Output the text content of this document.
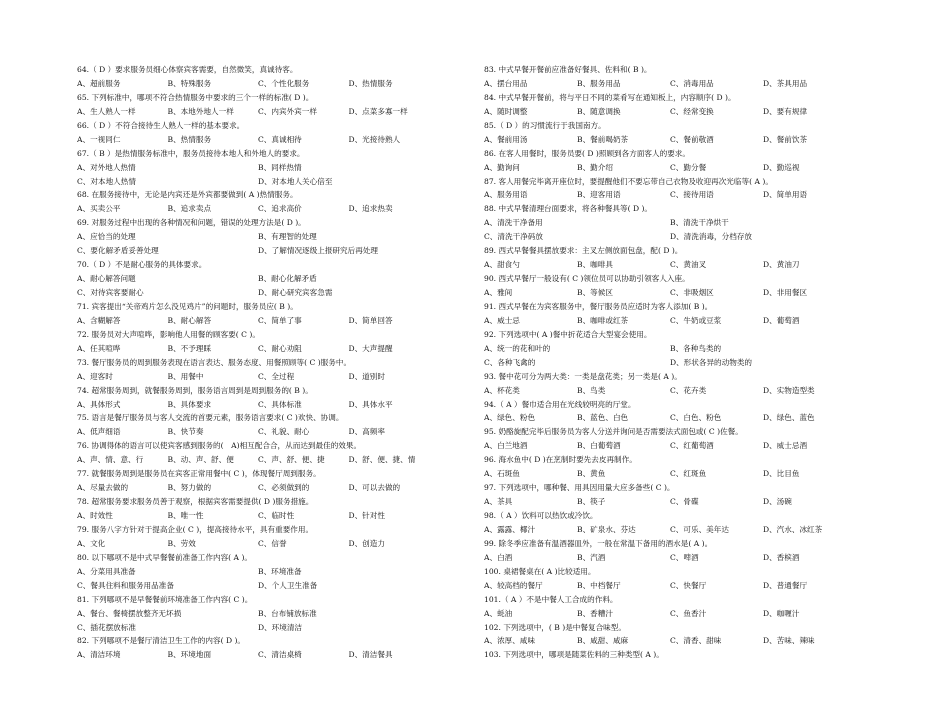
64.（ D ）要求服务员细心体察宾客需要，自然微笑，真诚待客。
A、超前服务	B、特殊服务	C、个性化服务	D、热情服务
65. 下列标准中，哪项不符合热情服务中要求的三个一样的标准( D )。
A、生人熟人一样	B、本地外地人一样	C、内宾外宾一样	D、点菜多寡一样
66.（ D ）不符合接待生人熟人一样的基本要求。
A、一视同仁	B、热情服务	C、真诚相待	D、光接待熟人
67.（ B ）是热情服务标准中，服务员接待本地人和外地人的要求。
A、对外地人热情	B、同样热情
C、对本地人热情	D、对本地人关心倍至
68. 在服务接待中，无论是内宾还是外宾都要做到( A )热情服务。
A、买卖公平	B、追求卖点	C、追求高价	D、追求热卖
69. 对服务过程中出现的各种情况和问题，错误的处理方法是( D )。
A、应恰当的处理	B、有理智的处理
C、要化解矛盾妥善处理	D、了解情况逐级上报研究后再处理
70.（ D ）不是耐心服务的具体要求。
A、耐心解答问题	B、耐心化解矛盾
C、对待宾客要耐心	D、耐心研究宾客急需
71. 宾客提出“关帝鸡片怎么没见鸡片”的问题时，服务员应( B )。
A、含糊解答	B、耐心解答	C、简单了事	D、简单回答
72. 服务员对大声喧哗，影响他人用餐的顾客要( C )。
A、任其喧哗	B、不予理睬	C、耐心劝阻	D、大声提醒
73. 餐厅服务员的周到服务表现在语言表达、服务态度、用餐照顾等( C )服务中。
A、迎客时	B、用餐中	C、全过程	D、道别时
74. 超常服务周到，就餐服务周到，服务语言周到是周到服务的( B )。
A、具体形式	B、具体要求	C、具体标准	D、具体水平
75. 语言是餐厅服务员与客人交流的首要元素，服务语言要求( C )欢快、协调。
A、低声细语	B、快节奏	C、礼貌、耐心	D、高频率
76. 协调得体的语言可以使宾客感到服务的(　A)相互配合合，从而达到最佳的效果。
A、声、情、意、行	B、动、声、舒、便	C、声、舒、便、捷	D、舒、便、捷、情
77. 就餐服务周到是服务员在宾客正常用餐中( C )，体现餐厅周到服务。
A、尽量去做的	B、努力做的	C、必须做到的	D、可以去做的
78. 超常服务要求服务员善于观察，根据宾客需要提供( D )服务措施。
A、时效性	B、唯一性	C、临时性	D、针对性
79. 服务八字方针对于提高企业( C )，提高接待水平，具有重要作用。
A、文化	B、劳效	C、信誉	D、创造力
80. 以下哪项不是中式早餐餐前准备工作内容( A )。
A、分菜用具准备	B、环境准备
C、餐具住料和服务用品准备	D、个人卫生准备
81. 下列哪项不是早餐餐前环境准备工作内容( C )。
A、餐台、餐椅摆放整齐无坏损	B、台布铺放标准
C、插花摆放标准	D、环境清洁
82. 下列哪项不是餐厅清洁卫生工作的内容( D )。
A、清洁环境	B、环境地面	C、清洁桌椅	D、清洁餐具
83. 中式早餐开餐前应准备好餐具、佐料和( B )。
A、摆台用品	B、服务用品	C、消毒用品	D、茶具用品
84. 中式早餐开餐前，将与平日不同的菜肴写在通知板上，内容顺序( D )。
A、随时调整	B、随意调换	C、经常变换	D、要有规律
85.（ D ）的习惯流行于我国南方。
A、餐前用汤	B、餐前喝奶茶	C、餐前敬酒	D、餐前饮茶
86. 在客人用餐时，服务员要( D )照顾到各方面客人的要求。
A、勤询问	B、勤介绍	C、勤分餐	D、勤巡视
87. 客人用餐完毕离开座位时，要提醒他们不要忘带自己衣物及收迎再次光临等( A )。
A、服务用语	B、迎客用语	C、接待用语	D、简单用语
88. 中式早餐清理台面要求，将各种餐具等( D )。
A、清洗干净备用	B、清洗干净烘干
C、清洗干净码放	D、清洗消毒，分档存放
89. 西式早餐餐具摆放要求：主叉左侧放面包盘，配( D )。
A、甜食勺	B、咖啡具	C、黄油叉	D、黄油刀
90. 西式早餐厅一般设有( C )领位员可以协助引领客人入座。
A、雅间	B、等候区	C、非吸烟区	D、非用餐区
91. 西式早餐在为宾客服务中，餐厅服务员应适时为客人添加( B )。
A、威士忌	B、咖啡或红茶	C、牛奶或豆浆	D、葡萄酒
92. 下列选项中( A )餐中折花适合大型宴会使用。
A、统一的花和叶的	B、各种鸟类的
C、各种飞禽的	D、形状各异的动物类的
93. 餐中花可分为两大类：一类是盘花类；另一类是( A )。
A、杯花类	B、鸟类	C、花卉类	D、实物造型类
94.（ A ）餐巾适合用在光线较明亮的厅堂。
A、绿色、粉色	B、蓝色、白色	C、白色、粉色	D、绿色、蓝色
95. 奶酪旋配完毕后服务员为客人分送并询问是否需要法式面包或( C )佐餐。
A、白兰地酒	B、白葡萄酒	C、红葡萄酒	D、威士忌酒
96. 海水鱼中( D )在烹制时要先去皮再制作。
A、石斑鱼	B、黄鱼	C、红斑鱼	D、比目鱼
97. 下列选项中，哪种餐、用具因用量大应多备些( C )。
A、茶具	B、筷子	C、骨碟	D、汤碗
98.（ A ）饮料可以热饮或冷饮。
A、露露、椰汁	B、矿泉水、芬达	C、可乐、美年达	D、汽水、冰红茶
99. 除冬季应准备有温酒器皿外，一般在常温下备用的酒水是( A )。
A、白酒	B、汽酒	C、啤酒	D、香槟酒
100. 桌裙餐桌在( A )比较适用。
A、较高档的餐厅	B、中档餐厅	C、快餐厅	D、普通餐厅
101.（ A ）不是中餐人工合成的作料。
A、蚝油	B、香糟汁	C、鱼香汁	D、咖喱汁
102. 下列选项中，( B )是中餐复合味型。
A、浓厚、咸味	B、咸甜、咸麻	C、清香、甜味	D、苦味、辣味
103. 下列选项中，哪项是随菜佐料的三种类型( A )。
